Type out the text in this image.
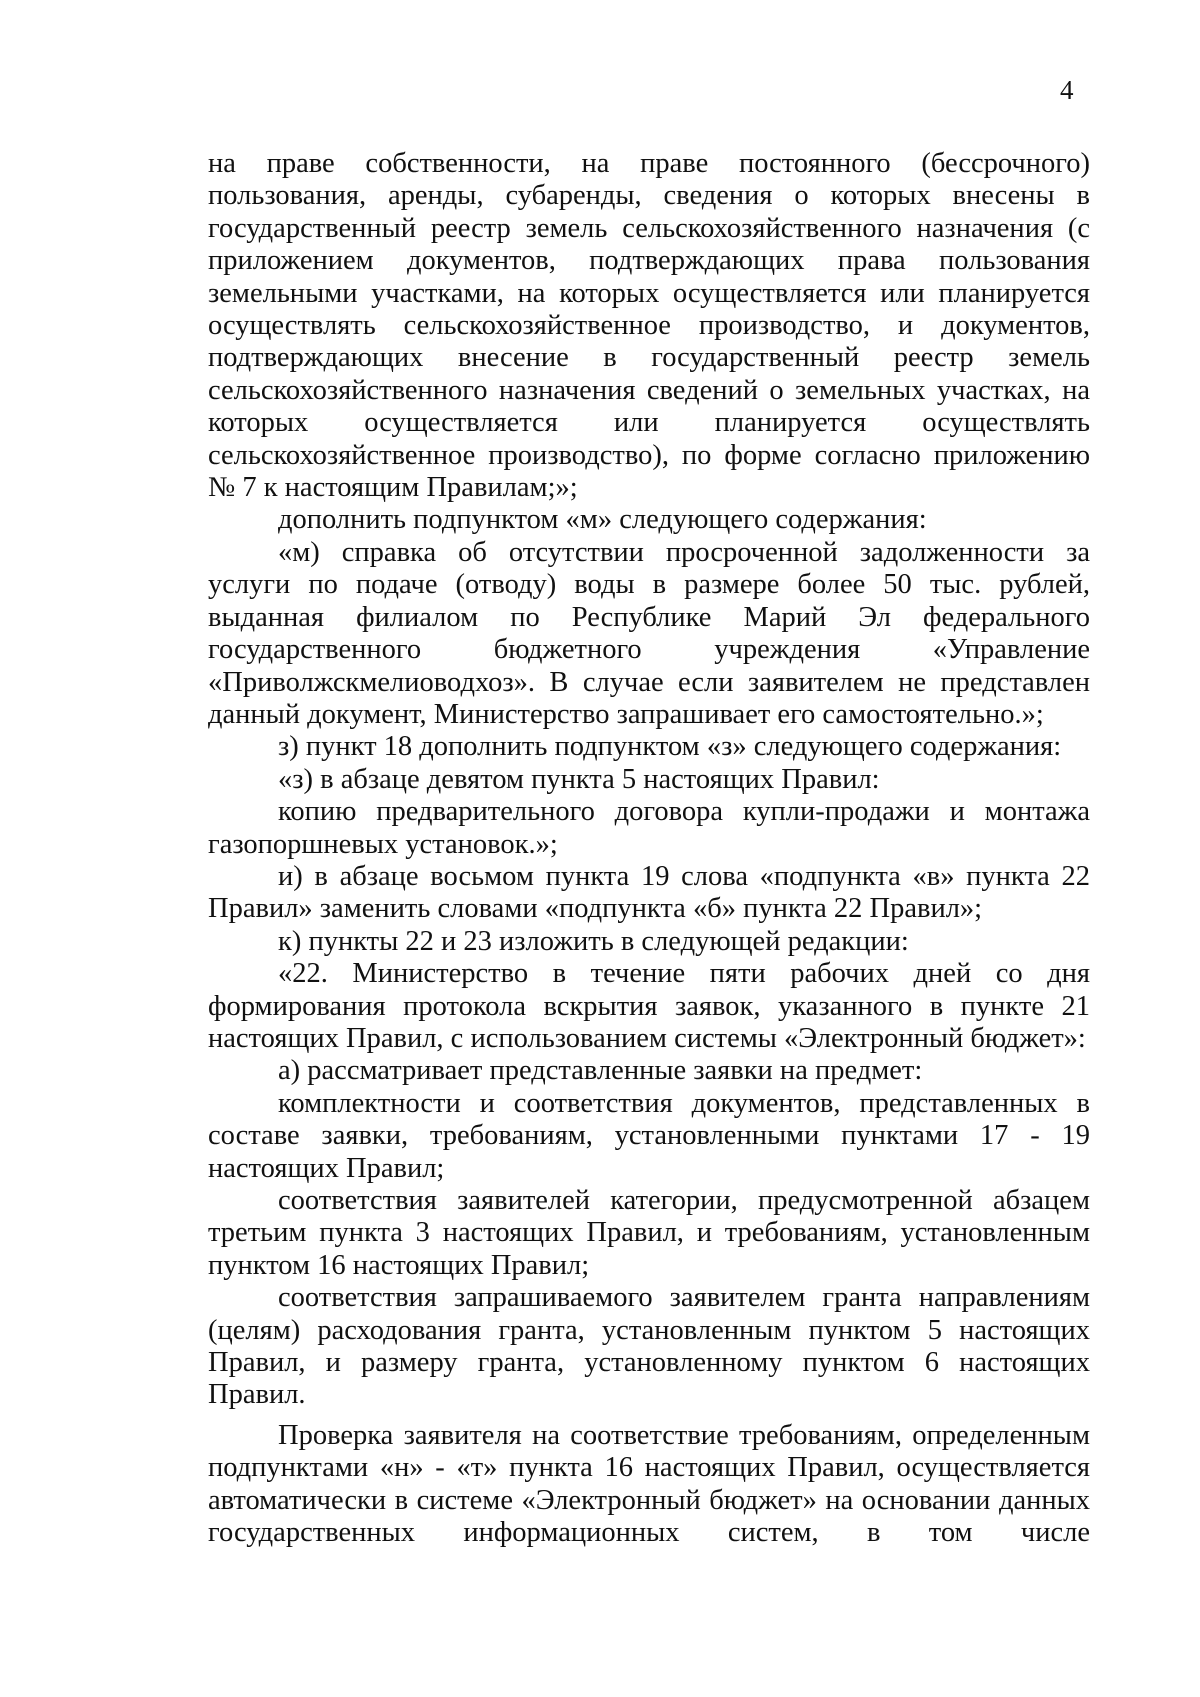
4

на праве собственности, на праве постоянного (бессрочного) пользования, аренды, субаренды, сведения о которых внесены в государственный реестр земель сельскохозяйственного назначения (с приложением документов, подтверждающих права пользования земельными участками, на которых осуществляется или планируется осуществлять сельскохозяйственное производство, и документов, подтверждающих внесение в государственный реестр земель сельскохозяйственного назначения сведений о земельных участках, на которых осуществляется или планируется осуществлять сельскохозяйственное производство), по форме согласно приложению № 7 к настоящим Правилам;»;

дополнить подпунктом «м» следующего содержания:

«м) справка об отсутствии просроченной задолженности за услуги по подаче (отводу) воды в размере более 50 тыс. рублей, выданная филиалом по Республике Марий Эл федерального государственного бюджетного учреждения «Управление «Приволжскмелиоводхоз». В случае если заявителем не представлен данный документ, Министерство запрашивает его самостоятельно.»;

з) пункт 18 дополнить подпунктом «з» следующего содержания:

«з) в абзаце девятом пункта 5 настоящих Правил:

копию предварительного договора купли-продажи и монтажа газопоршневых установок.»;

и) в абзаце восьмом пункта 19 слова «подпункта «в» пункта 22 Правил» заменить словами «подпункта «б» пункта 22 Правил»;

к) пункты 22 и 23 изложить в следующей редакции:

«22. Министерство в течение пяти рабочих дней со дня формирования протокола вскрытия заявок, указанного в пункте 21 настоящих Правил, с использованием системы «Электронный бюджет»:

а) рассматривает представленные заявки на предмет:

комплектности и соответствия документов, представленных в составе заявки, требованиям, установленными пунктами 17 - 19 настоящих Правил;

соответствия заявителей категории, предусмотренной абзацем третьим пункта 3 настоящих Правил, и требованиям, установленным пунктом 16 настоящих Правил;

соответствия запрашиваемого заявителем гранта направлениям (целям) расходования гранта, установленным пунктом 5 настоящих Правил, и размеру гранта, установленному пунктом 6 настоящих Правил.

Проверка заявителя на соответствие требованиям, определенным подпунктами «н» - «т» пункта 16 настоящих Правил, осуществляется автоматически в системе «Электронный бюджет» на основании данных государственных информационных систем, в том числе
